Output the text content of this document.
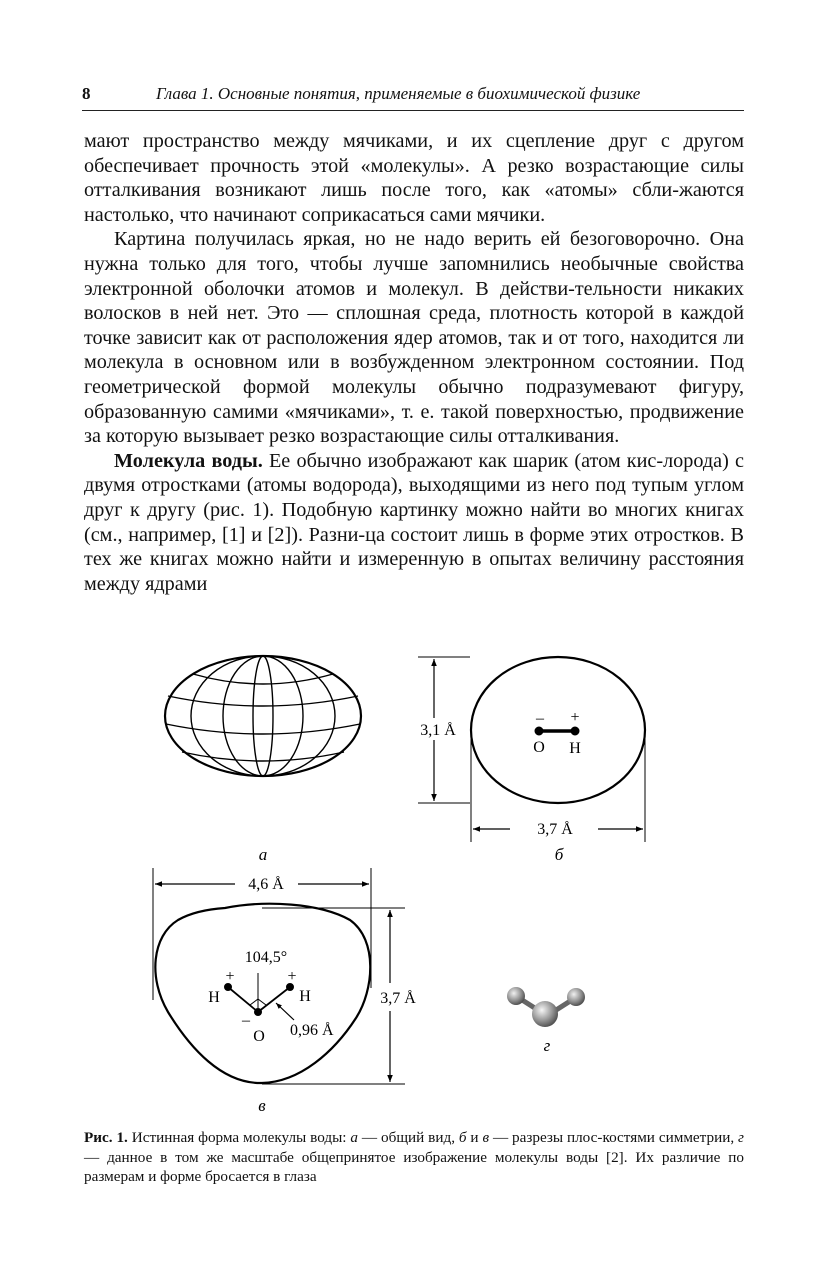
8	Глава 1. Основные понятия, применяемые в биохимической физике

мают пространство между мячиками, и их сцепление друг с другом обеспечивает прочность этой «молекулы». А резко возрастающие силы отталкивания возникают лишь после того, как «атомы» сбли-жаются настолько, что начинают соприкасаться сами мячики.

Картина получилась яркая, но не надо верить ей безоговорочно. Она нужна только для того, чтобы лучше запомнились необычные свойства электронной оболочки атомов и молекул. В действи-тельности никаких волосков в ней нет. Это — сплошная среда, плотность которой в каждой точке зависит как от расположения ядер атомов, так и от того, находится ли молекула в основном или в возбужденном электронном состоянии. Под геометрической формой молекулы обычно подразумевают фигуру, образованную самими «мячиками», т. е. такой поверхностью, продвижение за которую вызывает резко возрастающие силы отталкивания.

Молекула воды. Ее обычно изображают как шарик (атом кис-лорода) с двумя отростками (атомы водорода), выходящими из него под тупым углом друг к другу (рис. 1). Подобную картинку можно найти во многих книгах (см., например, [1] и [2]). Разни-ца состоит лишь в форме этих отростков. В тех же книгах можно найти и измеренную в опытах величину расстояния между ядрами

а
3,1 Å
3,7 Å
– +
O H
б
4,6 Å
3,7 Å
104,5°
+	+
H	H
–
O 0,96 Å
в
г

Рис. 1. Истинная форма молекулы воды: а — общий вид, б и в — разрезы плос-костями симметрии, г — данное в том же масштабе общепринятое изображение молекулы воды [2]. Их различие по размерам и форме бросается в глаза
